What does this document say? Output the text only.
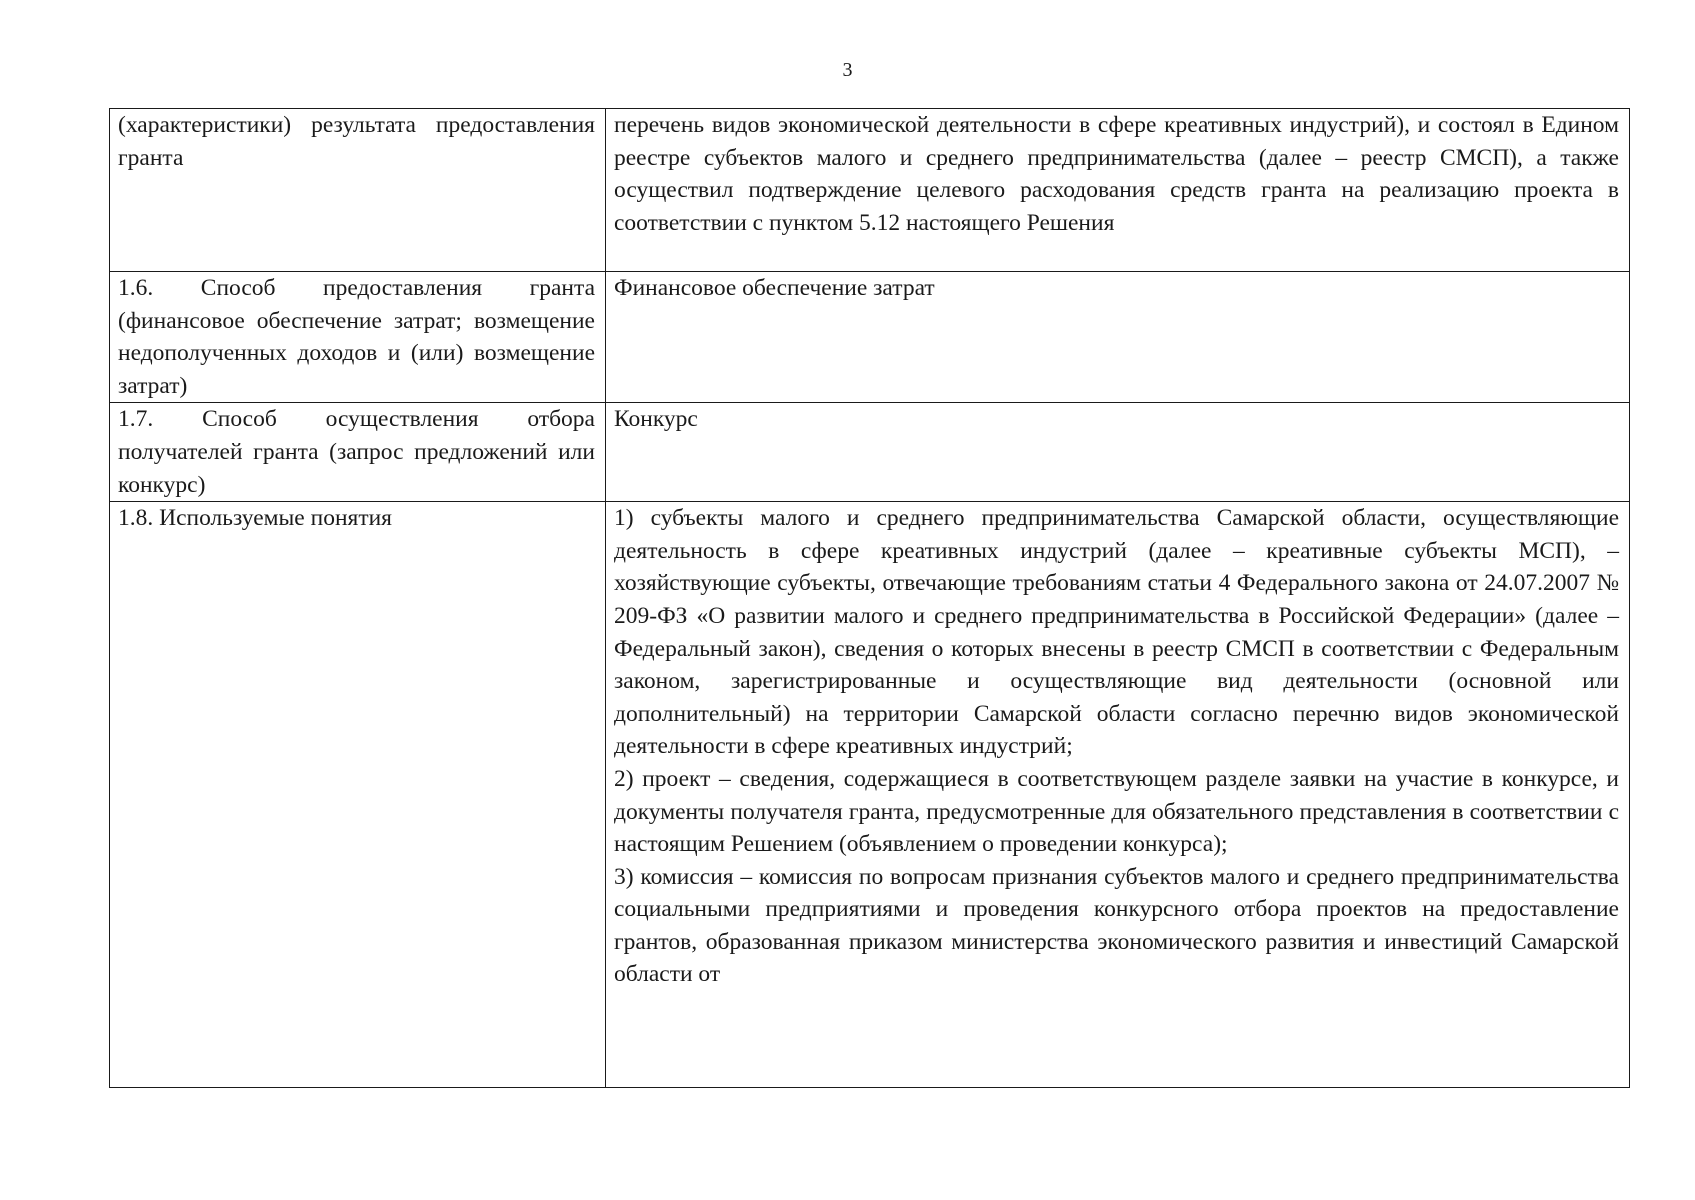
3
(характеристики) результата предоставления гранта	перечень видов экономической деятельности в сфере креативных индустрий), и состоял в Едином реестре субъектов малого и среднего предпринимательства (далее – реестр СМСП), а также осуществил подтверждение целевого расходования средств гранта на реализацию проекта в соответствии с пунктом 5.12 настоящего Решения

1.6. Способ предоставления гранта (финансовое обеспечение затрат; возмещение недополученных доходов и (или) возмещение затрат)	Финансовое обеспечение затрат

1.7. Способ осуществления отбора получателей гранта (запрос предложений или конкурс)	Конкурс

1.8. Используемые понятия	1) субъекты малого и среднего предпринимательства Самарской области, осуществляющие деятельность в сфере креативных индустрий (далее – креативные субъекты МСП), – хозяйствующие субъекты, отвечающие требованиям статьи 4 Федерального закона от 24.07.2007 № 209-ФЗ «О развитии малого и среднего предпринимательства в Российской Федерации» (далее – Федеральный закон), сведения о которых внесены в реестр СМСП в соответствии с Федеральным законом, зарегистрированные и осуществляющие вид деятельности (основной или дополнительный) на территории Самарской области согласно перечню видов экономической деятельности в сфере креативных индустрий;

2) проект – сведения, содержащиеся в соответствующем разделе заявки на участие в конкурсе, и документы получателя гранта, предусмотренные для обязательного представления в соответствии с настоящим Решением (объявлением о проведении конкурса);

3) комиссия – комиссия по вопросам признания субъектов малого и среднего предпринимательства социальными предприятиями и проведения конкурсного отбора проектов на предоставление грантов, образованная приказом министерства экономического развития и инвестиций Самарской области от
